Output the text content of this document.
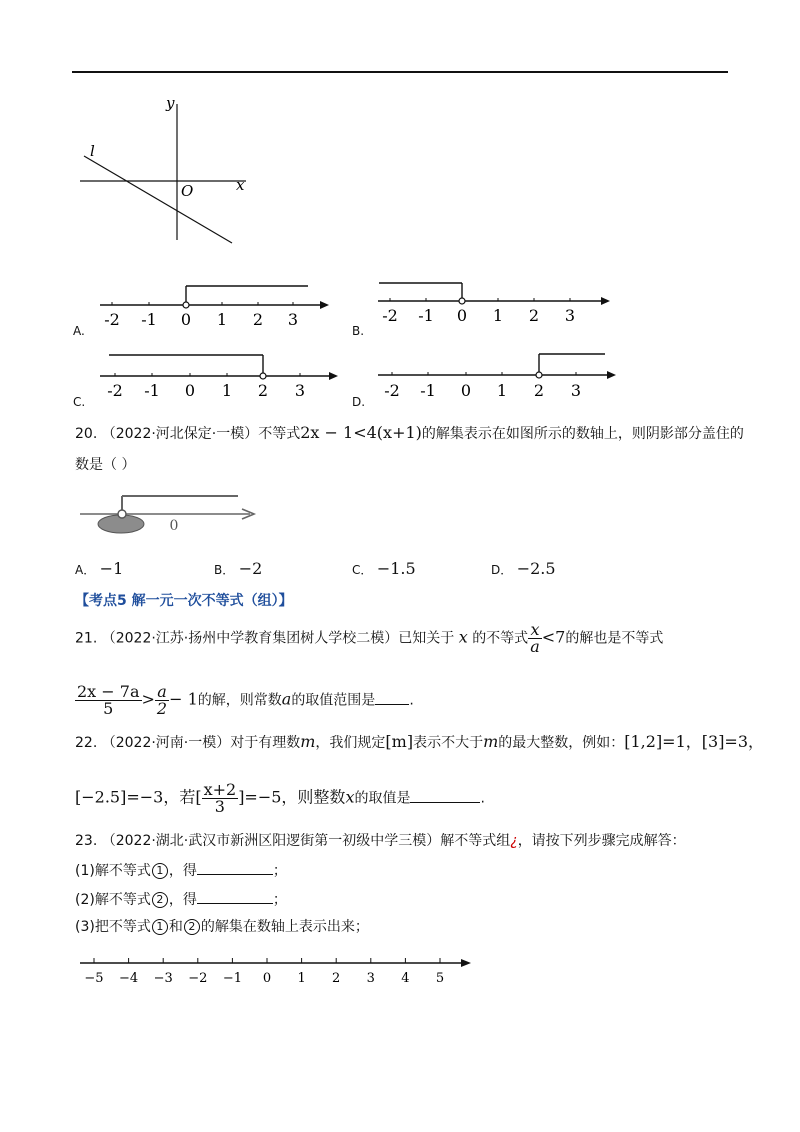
y
x
O
l
A.
-2 -1 0 1 2 3
B.
-2 -1 0 1 2 3
C.
-2 -1 0 1 2 3
D.
-2 -1 0 1 2 3
20. （2022·河北保定·一模）不等式2x − 1<4(x+1)的解集表示在如图所示的数轴上，则阴影部分盖住的
数是（ ）
0
A． −1	B． −2	C． −1.5	D． −2.5
【考点5 解一元一次不等式（组）】
21. （2022·江苏·扬州中学教育集团树人学校二模）已知关于 x 的不等式 $\frac{x}{a} <7$的解也是不等式
$\frac{2x - 7a}{5} > \frac{a}{2} - 1$的解，则常数a的取值范围是 .
22. （2022·河南·一模）对于有理数m，我们规定[m]表示不大于m的最大整数，例如：[1,2]=1，[3]=3，
[−2.5]=−3，若[ $\frac{x+2}{3} ]=-5$，则整数x的取值是	.
23. （2022·湖北·武汉市新洲区阳逻街第一初级中学三模）解不等式组¿，请按下列步骤完成解答：
(1)解不等式 1 ，得	；
(2)解不等式 2 ，得	；
(3)把不等式 1 和 2 的解集在数轴上表示出来；
−5 −4 −3 −2 −1 0 1 2 3 4 5
